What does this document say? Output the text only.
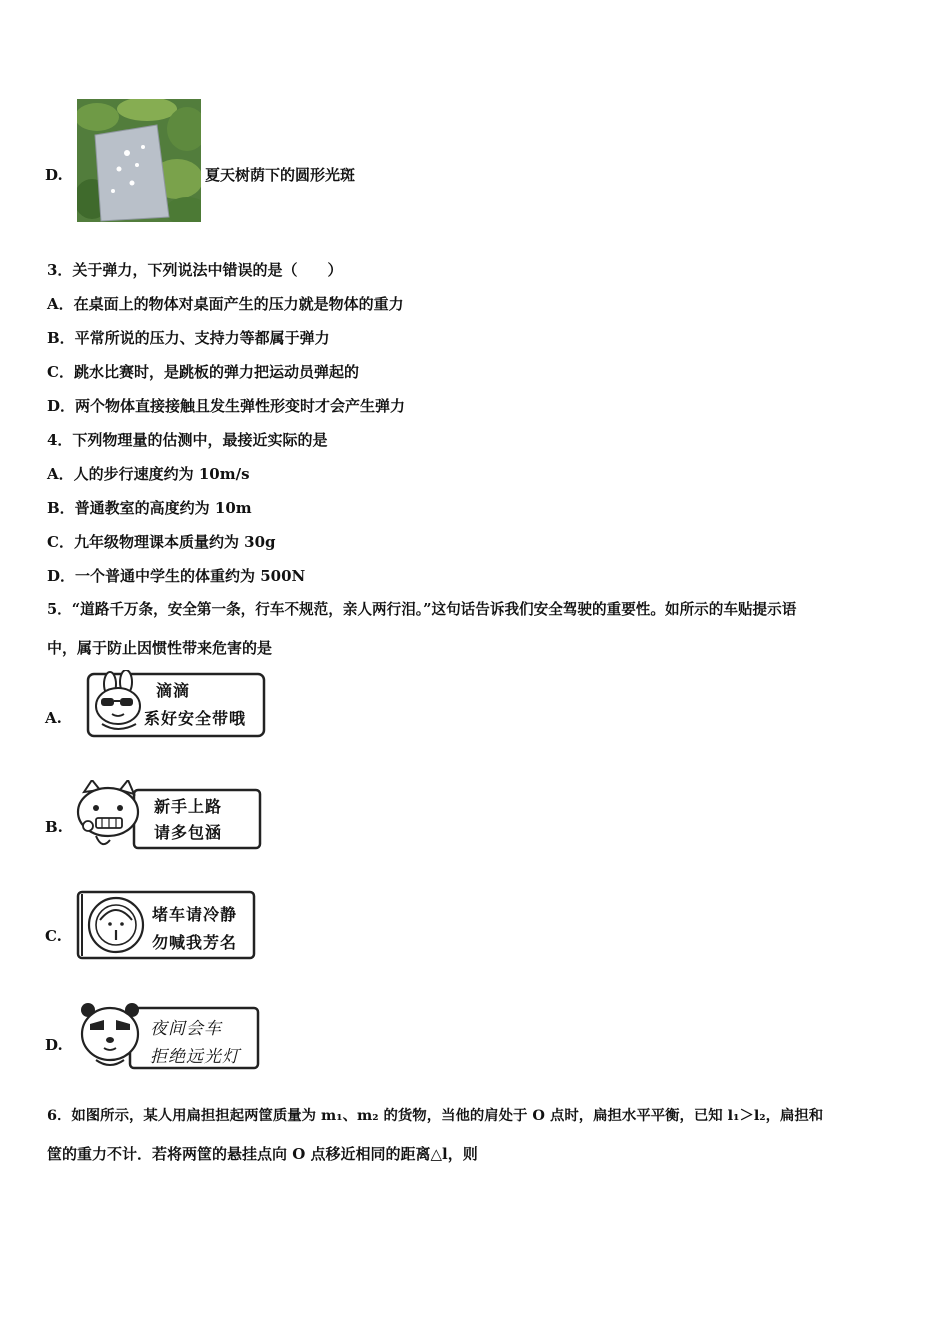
D.	夏天树荫下的圆形光斑
3．关于弹力，下列说法中错误的是（　　）
A．在桌面上的物体对桌面产生的压力就是物体的重力
B．平常所说的压力、支持力等都属于弹力
C．跳水比赛时，是跳板的弹力把运动员弹起的
D．两个物体直接接触且发生弹性形变时才会产生弹力
4．下列物理量的估测中，最接近实际的是
A．人的步行速度约为 10m/s
B．普通教室的高度约为 10m
C．九年级物理课本质量约为 30g
D．一个普通中学生的体重约为 500N
5．“道路千万条，安全第一条，行车不规范，亲人两行泪。”这句话告诉我们安全驾驶的重要性。如所示的车贴提示语
中，属于防止因惯性带来危害的是
A.
滴滴
系好安全带哦
B.
新手上路
请多包涵
C.
堵车请冷静
勿喊我芳名
D.
夜间会车
拒绝远光灯
6．如图所示，某人用扁担担起两筐质量为 m₁、m₂ 的货物，当他的肩处于 O 点时，扁担水平平衡，已知 l₁＞l₂，扁担和
筐的重力不计．若将两筐的悬挂点向 O 点移近相同的距离△l，则
